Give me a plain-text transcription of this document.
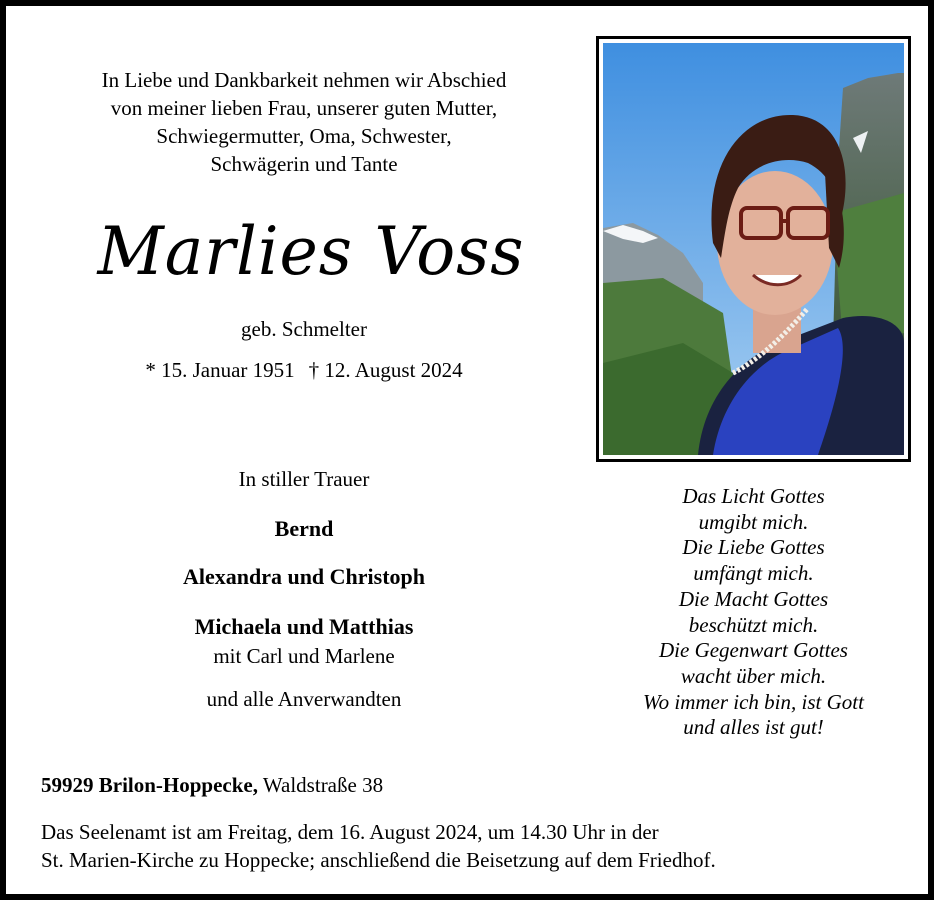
In Liebe und Dankbarkeit nehmen wir Abschied
von meiner lieben Frau, unserer guten Mutter,
Schwiegermutter, Oma, Schwester,
Schwägerin und Tante
Marlies Voss
geb. Schmelter
* 15. Januar 1951 † 12. August 2024
In stiller Trauer
Bernd
Alexandra und Christoph
Michaela und Matthias
mit Carl und Marlene
und alle Anverwandten
Das Licht Gottes
umgibt mich.
Die Liebe Gottes
umfängt mich.
Die Macht Gottes
beschützt mich.
Die Gegenwart Gottes
wacht über mich.
Wo immer ich bin, ist Gott
und alles ist gut!
59929 Brilon-Hoppecke, Waldstraße 38
Das Seelenamt ist am Freitag, dem 16. August 2024, um 14.30 Uhr in der
St. Marien-Kirche zu Hoppecke; anschließend die Beisetzung auf dem Friedhof.
